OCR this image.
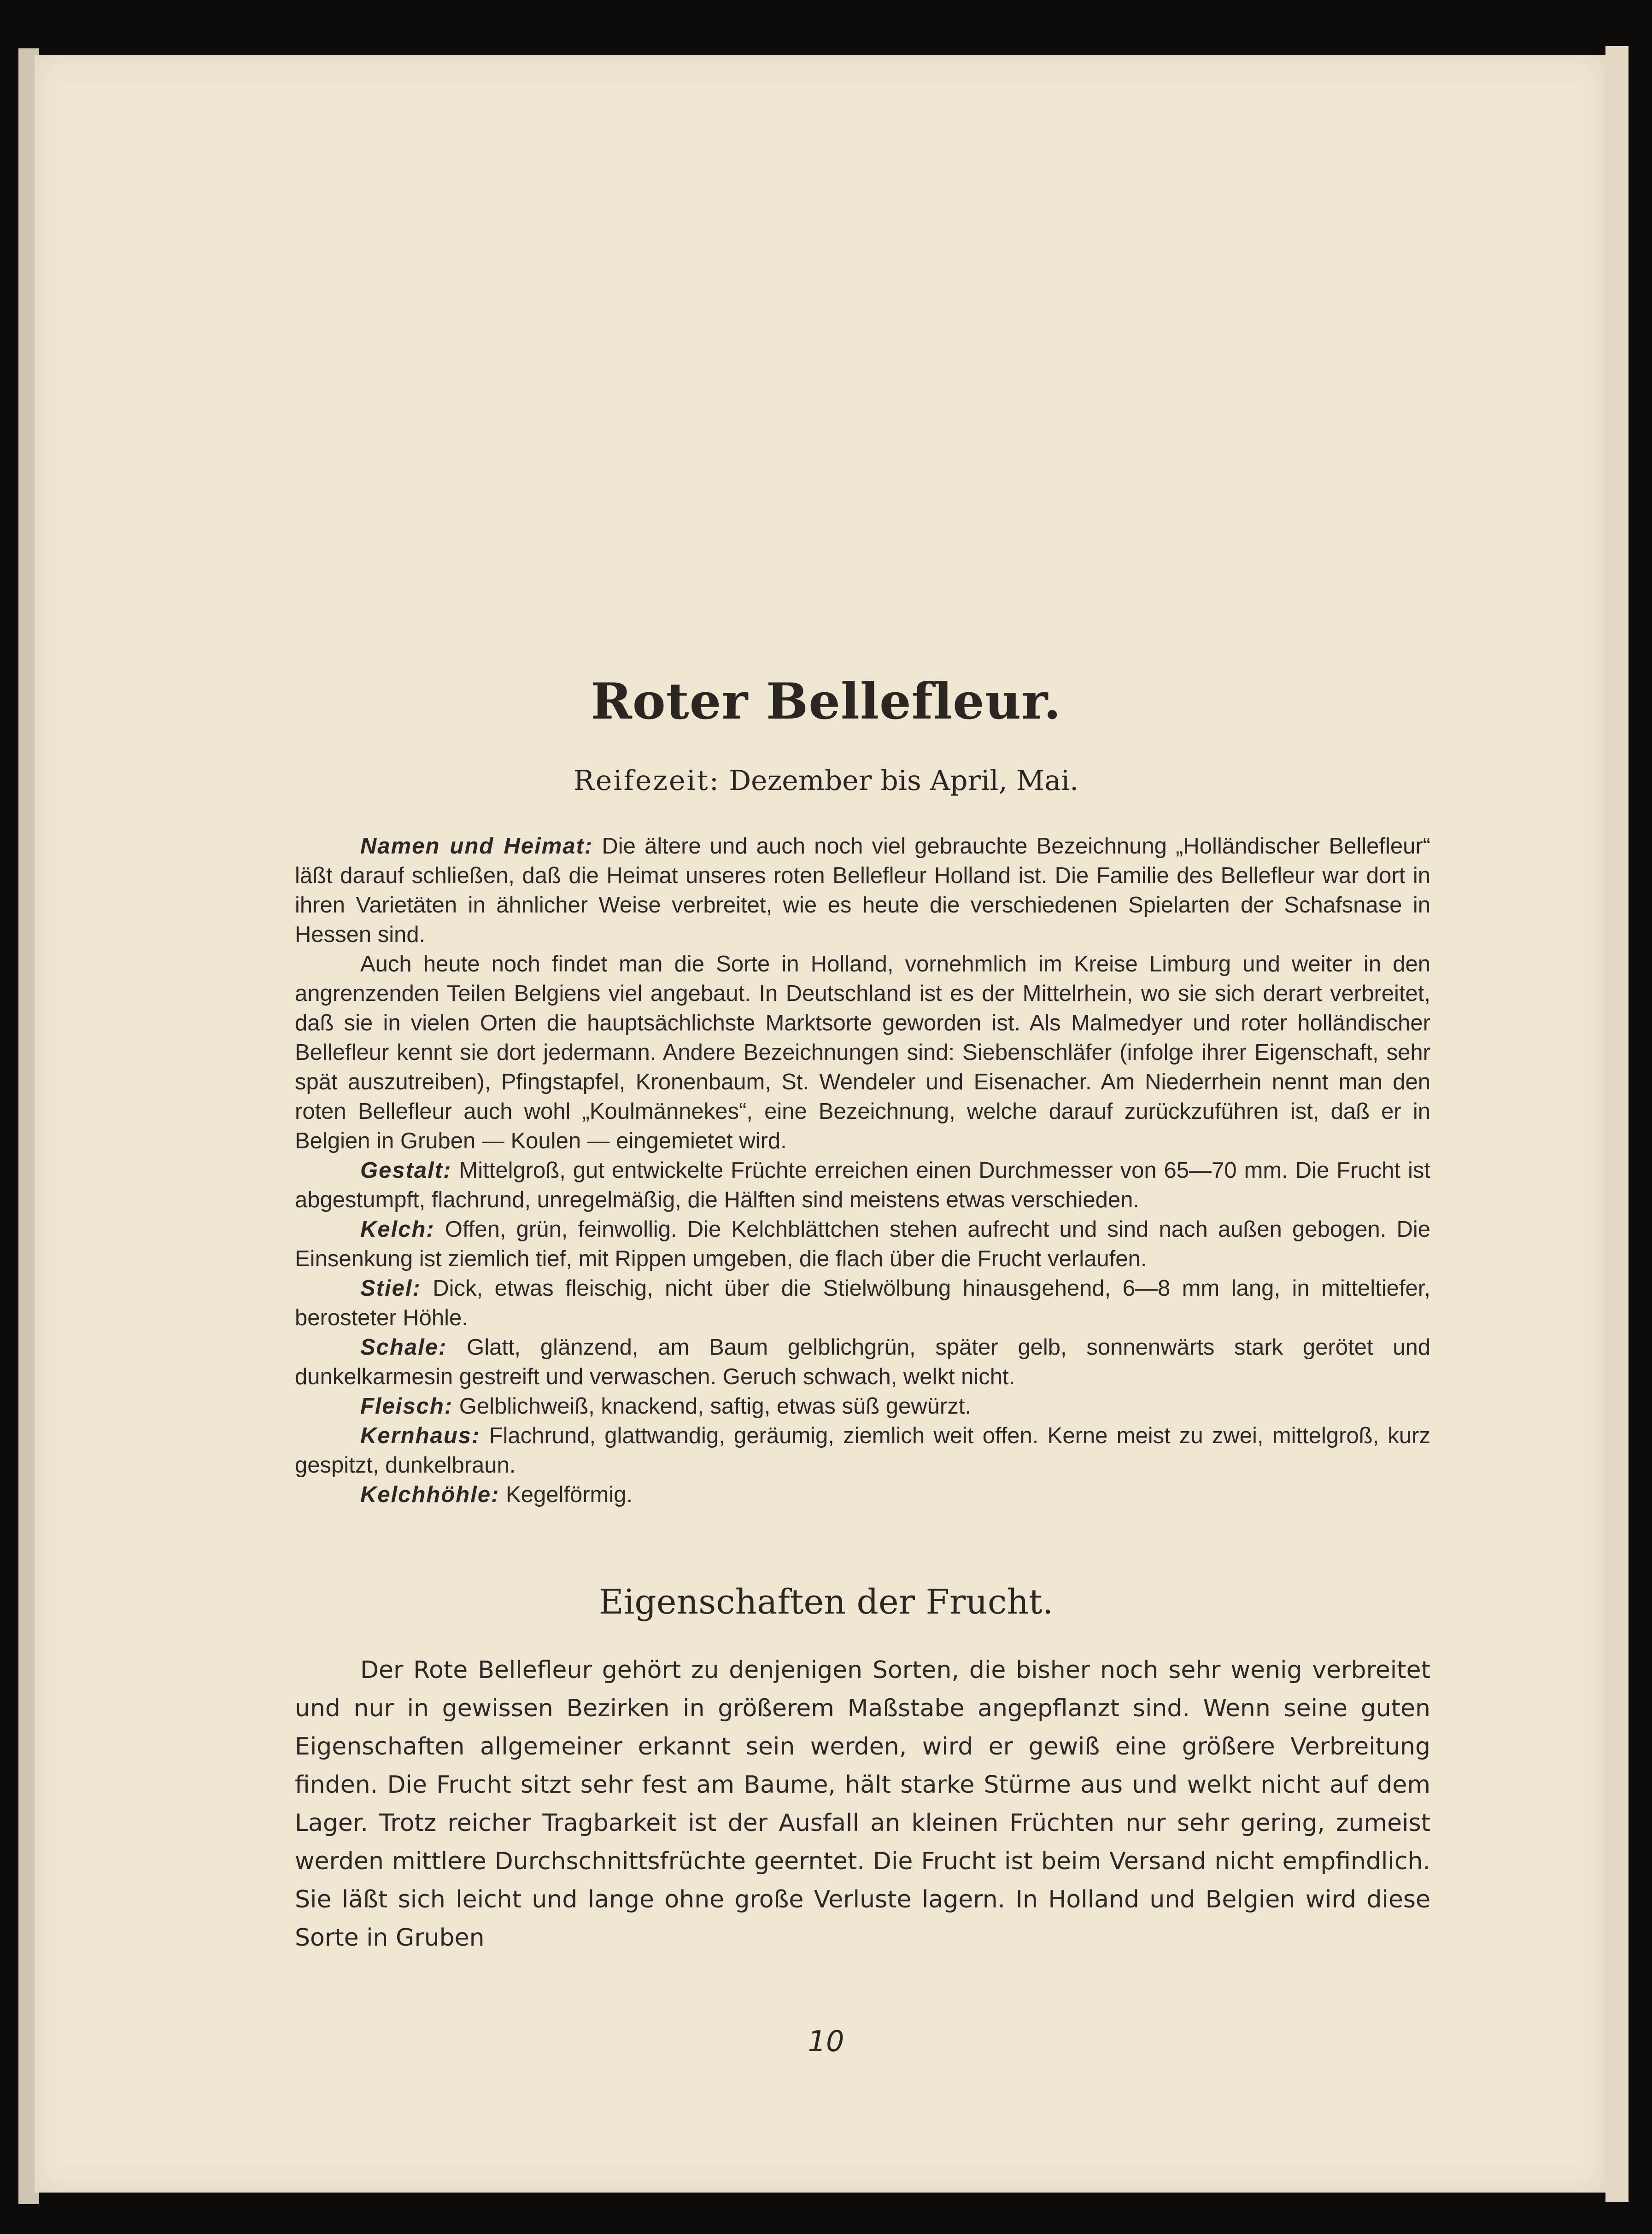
Roter Bellefleur.
Reifezeit: Dezember bis April, Mai.

Namen und Heimat: Die ältere und auch noch viel gebrauchte Bezeichnung „Holländischer Bellefleur“ läßt darauf schließen, daß die Heimat unseres roten Bellefleur Holland ist. Die Familie des Bellefleur war dort in ihren Varietäten in ähnlicher Weise verbreitet, wie es heute die verschiedenen Spielarten der Schafsnase in Hessen sind.

Auch heute noch findet man die Sorte in Holland, vornehmlich im Kreise Limburg und weiter in den angrenzenden Teilen Belgiens viel angebaut. In Deutschland ist es der Mittelrhein, wo sie sich derart verbreitet, daß sie in vielen Orten die hauptsächlichste Marktsorte geworden ist. Als Malmedyer und roter holländischer Bellefleur kennt sie dort jedermann. Andere Bezeichnungen sind: Siebenschläfer (infolge ihrer Eigenschaft, sehr spät auszutreiben), Pfingstapfel, Kronenbaum, St. Wendeler und Eisenacher. Am Niederrhein nennt man den roten Bellefleur auch wohl „Koulmännekes“, eine Bezeichnung, welche darauf zurückzuführen ist, daß er in Belgien in Gruben — Koulen — eingemietet wird.

Gestalt: Mittelgroß, gut entwickelte Früchte erreichen einen Durchmesser von 65—70 mm. Die Frucht ist abgestumpft, flachrund, unregelmäßig, die Hälften sind meistens etwas verschieden.

Kelch: Offen, grün, feinwollig. Die Kelchblättchen stehen aufrecht und sind nach außen gebogen. Die Einsenkung ist ziemlich tief, mit Rippen umgeben, die flach über die Frucht verlaufen.

Stiel: Dick, etwas fleischig, nicht über die Stielwölbung hinausgehend, 6—8 mm lang, in mitteltiefer, berosteter Höhle.

Schale: Glatt, glänzend, am Baum gelblichgrün, später gelb, sonnenwärts stark gerötet und dunkelkarmesin gestreift und verwaschen. Geruch schwach, welkt nicht.

Fleisch: Gelblichweiß, knackend, saftig, etwas süß gewürzt.

Kernhaus: Flachrund, glattwandig, geräumig, ziemlich weit offen. Kerne meist zu zwei, mittelgroß, kurz gespitzt, dunkelbraun.

Kelchhöhle: Kegelförmig.

Eigenschaften der Frucht.

Der Rote Bellefleur gehört zu denjenigen Sorten, die bisher noch sehr wenig verbreitet und nur in gewissen Bezirken in größerem Maßstabe angepflanzt sind. Wenn seine guten Eigenschaften allgemeiner erkannt sein werden, wird er gewiß eine größere Verbreitung finden. Die Frucht sitzt sehr fest am Baume, hält starke Stürme aus und welkt nicht auf dem Lager. Trotz reicher Tragbarkeit ist der Ausfall an kleinen Früchten nur sehr gering, zumeist werden mittlere Durchschnittsfrüchte geerntet. Die Frucht ist beim Versand nicht empfindlich. Sie läßt sich leicht und lange ohne große Verluste lagern. In Holland und Belgien wird diese Sorte in Gruben

10
